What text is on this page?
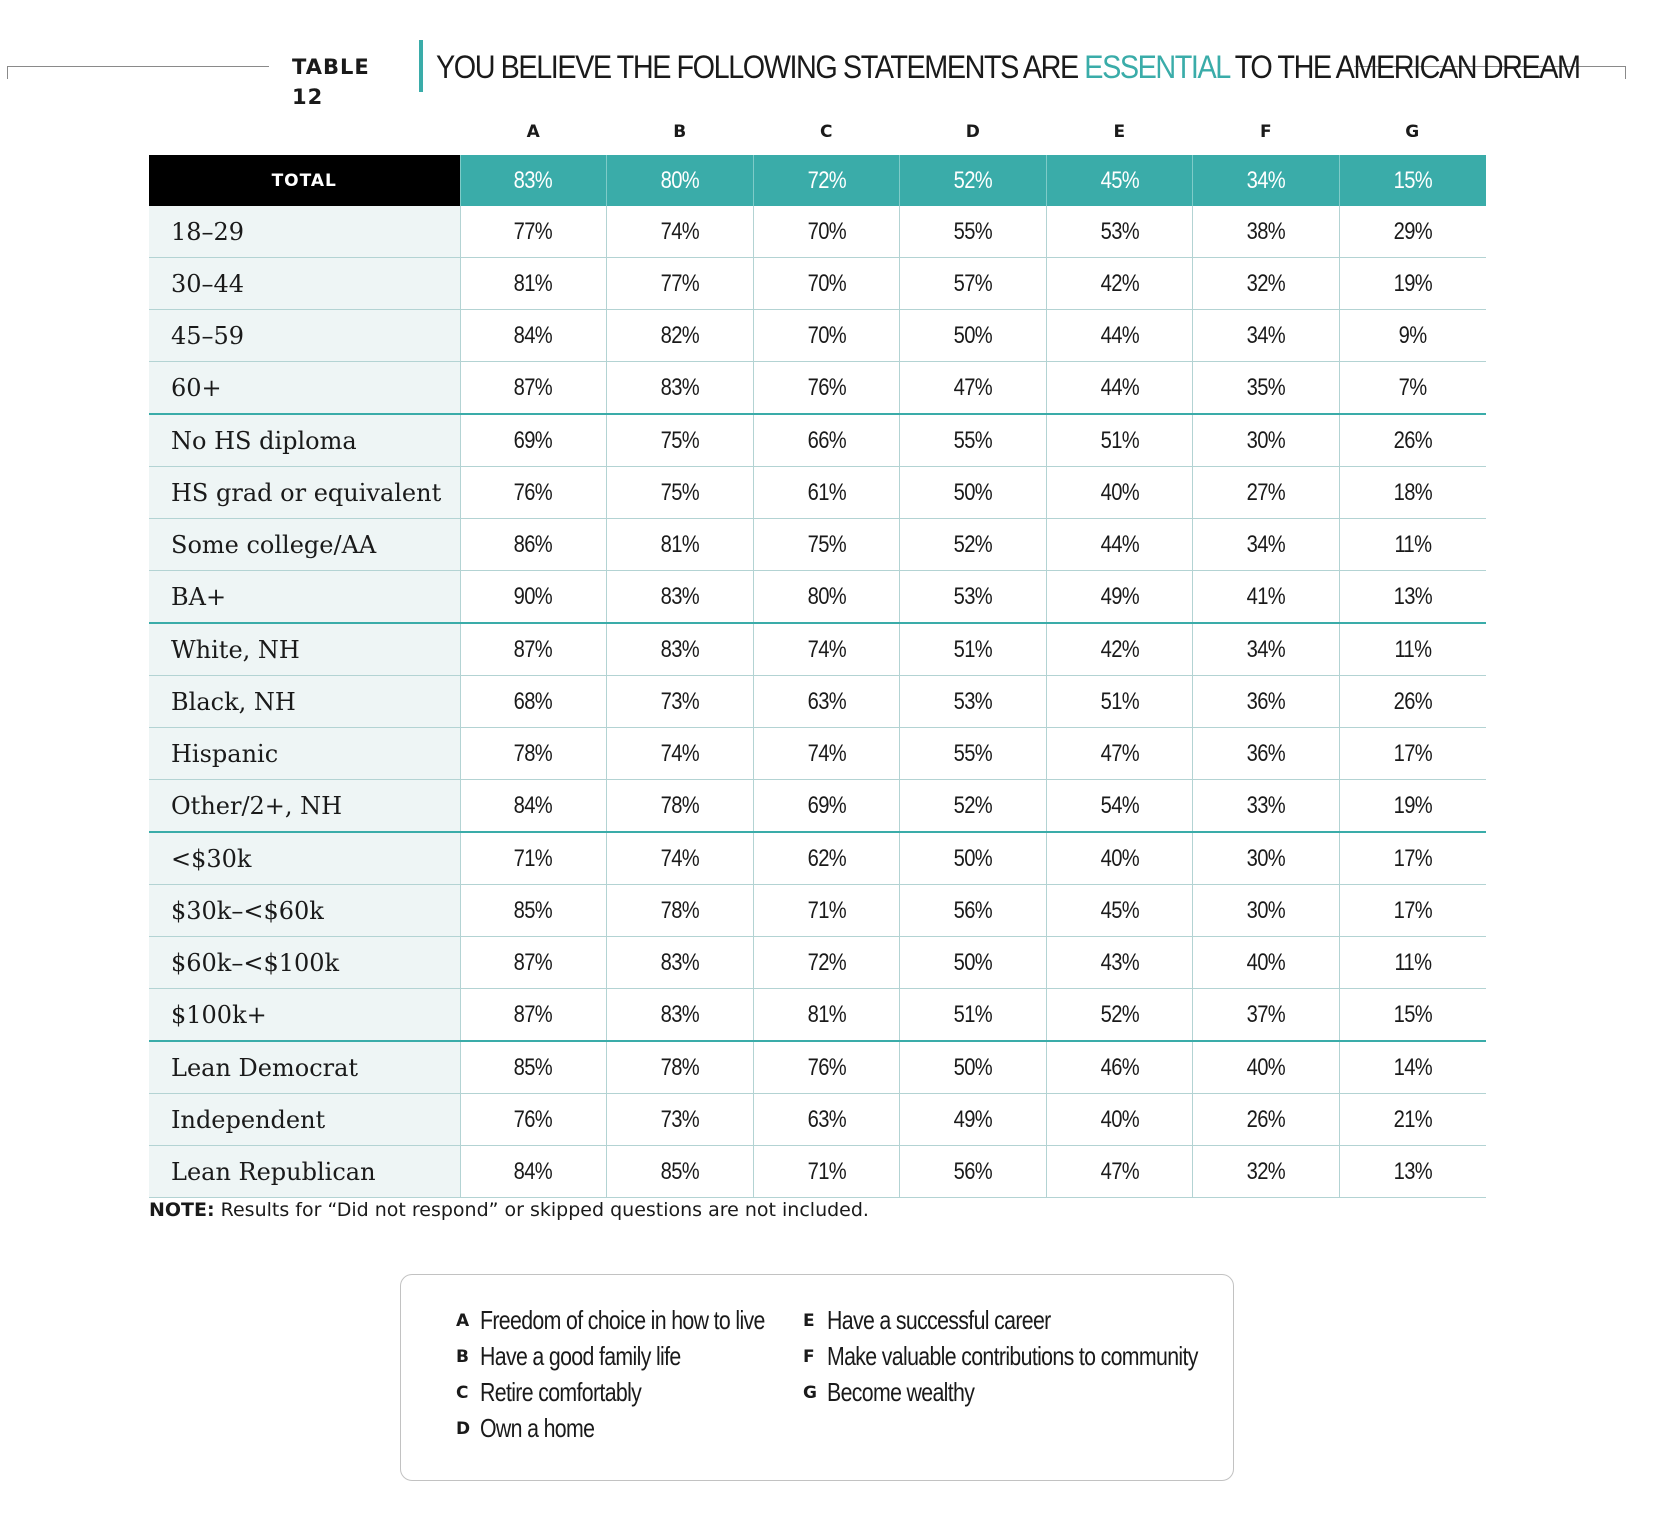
TABLE 12
YOU BELIEVE THE FOLLOWING STATEMENTS ARE ESSENTIAL TO THE AMERICAN DREAM
A	B	C	D	E	F	G
TOTAL	83%	80%	72%	52%	45%	34%	15%
18–29	77%	74%	70%	55%	53%	38%	29%
30–44	81%	77%	70%	57%	42%	32%	19%
45–59	84%	82%	70%	50%	44%	34%	9%
60+	87%	83%	76%	47%	44%	35%	7%
No HS diploma	69%	75%	66%	55%	51%	30%	26%
HS grad or equivalent	76%	75%	61%	50%	40%	27%	18%
Some college/AA	86%	81%	75%	52%	44%	34%	11%
BA+	90%	83%	80%	53%	49%	41%	13%
White, NH	87%	83%	74%	51%	42%	34%	11%
Black, NH	68%	73%	63%	53%	51%	36%	26%
Hispanic	78%	74%	74%	55%	47%	36%	17%
Other/2+, NH	84%	78%	69%	52%	54%	33%	19%
<$30k	71%	74%	62%	50%	40%	30%	17%
$30k–<$60k	85%	78%	71%	56%	45%	30%	17%
$60k–<$100k	87%	83%	72%	50%	43%	40%	11%
$100k+	87%	83%	81%	51%	52%	37%	15%
Lean Democrat	85%	78%	76%	50%	46%	40%	14%
Independent	76%	73%	63%	49%	40%	26%	21%
Lean Republican	84%	85%	71%	56%	47%	32%	13%
NOTE: Results for “Did not respond” or skipped questions are not included.
A Freedom of choice in how to live
B Have a good family life
C Retire comfortably
D Own a home
E Have a successful career
F Make valuable contributions to community
G Become wealthy
